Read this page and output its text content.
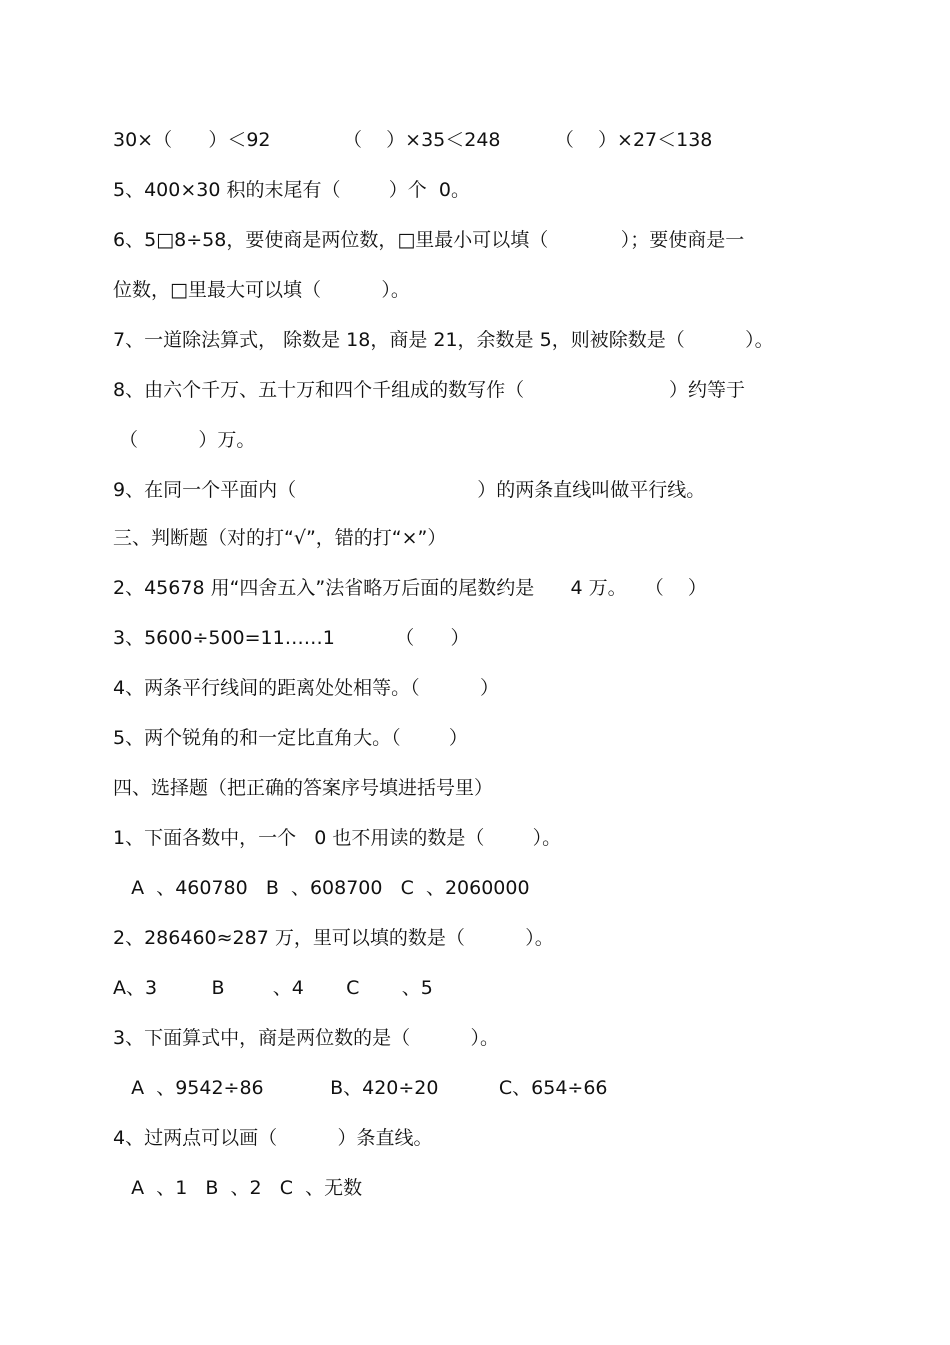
30×（      ）＜92            （    ）×35＜248         （    ）×27＜138
5、400×30 积的末尾有（        ）个  0。
6、5□8÷58，要使商是两位数，□里最小可以填（            ）；要使商是一
位数，□里最大可以填（          ）。
7、一道除法算式， 除数是 18，商是 21，余数是 5，则被除数是（          ）。
8、由六个千万、五十万和四个千组成的数写作（                        ）约等于
（          ）万。
9、在同一个平面内（                              ）的两条直线叫做平行线。
三、判断题（对的打“√”，错的打“×”）
2、45678 用“四舍五入”法省略万后面的尾数约是      4 万。   （    ）
3、5600÷500=11……1          （      ）
4、两条平行线间的距离处处相等。（          ）
5、两个锐角的和一定比直角大。（        ）
四、选择题（把正确的答案序号填进括号里）
1、下面各数中，一个   0 也不用读的数是（        ）。
A  、460780   B  、608700   C  、2060000
2、286460≈287 万，里可以填的数是（          ）。
A、3         B        、4       C       、5
3、下面算式中，商是两位数的是（          ）。
A  、9542÷86           B、420÷20          C、654÷66
4、过两点可以画（          ）条直线。
A  、1   B  、2   C  、无数
